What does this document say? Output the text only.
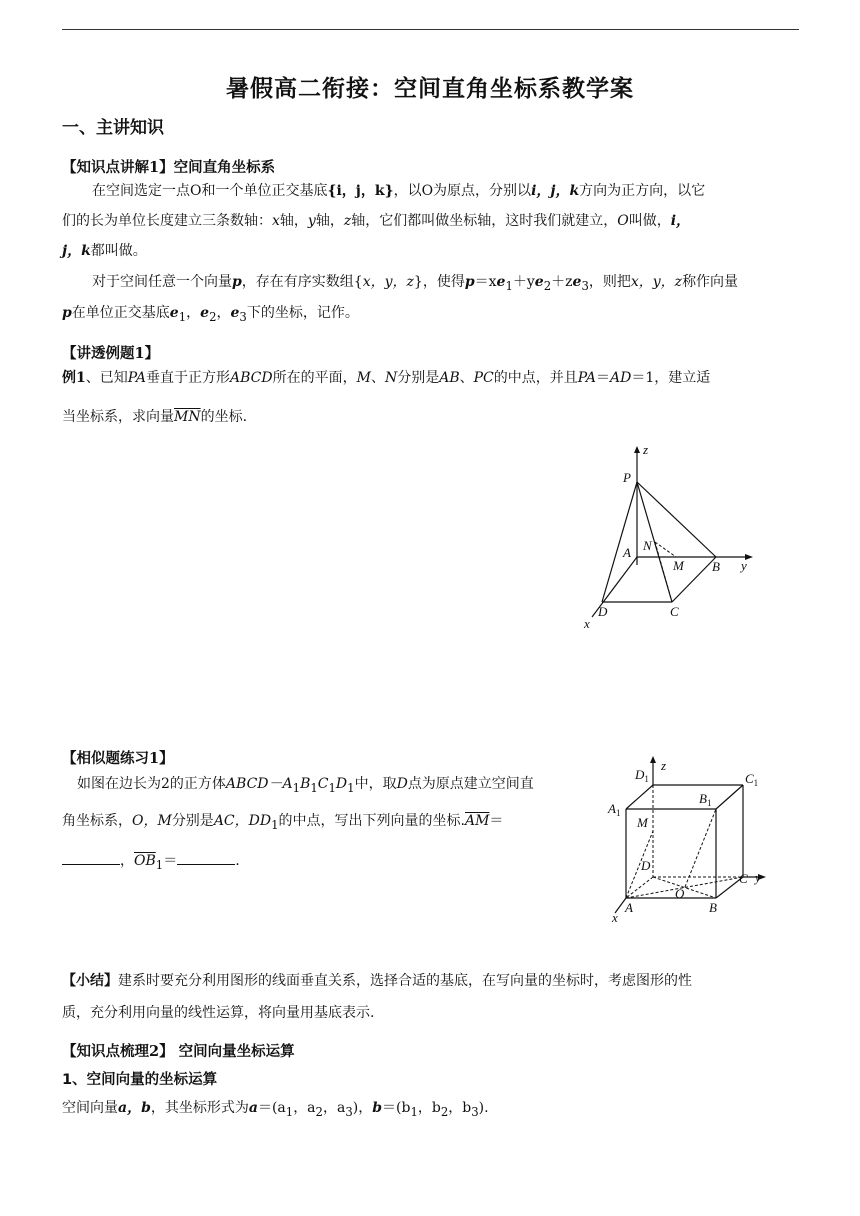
暑假高二衔接：空间直角坐标系教学案
一、主讲知识
【知识点讲解1】空间直角坐标系
在空间选定一点O和一个单位正交基底{i，j，k}，以O为原点，分别以i，j，k方向为正方向，以它
们的长为单位长度建立三条数轴：x轴，y轴，z轴，它们都叫做坐标轴，这时我们就建立，O叫做，i，
j，k都叫做。
对于空间任意一个向量p，存在有序实数组{x，y，z}，使得$p=xe_1+ye_2+ze_3$，则把x，y，z称作向量
p在单位正交基底$e_1$，$e_2$，$e_3$下的坐标，记作。
【讲透例题1】
例1、已知PA垂直于正方形ABCD所在的平面，M、N分别是AB、PC的中点，并且PA＝AD＝1，建立适
当坐标系，求向量$\overline{MN}$的坐标.
z
y
x
P
A N
M B
D	C
【相似题练习1】
如图在边长为2的正方体$ABCD-A_1B_1C_1D_1$中，取D点为原点建立空间直
角坐标系，O，M分别是AC，$DD_1$的中点，写出下列向量的坐标$.\overline{AM}=$
，$\overline{OB}_1=$	.
$D_1$
z
$C_1$
$A_1$
$B_1$
M
D
C y
O
A	B
x
【小结】建系时要充分利用图形的线面垂直关系，选择合适的基底，在写向量的坐标时，考虑图形的性
质，充分利用向量的线性运算，将向量用基底表示.
【知识点梳理2】 空间向量坐标运算
1、空间向量的坐标运算
空间向量a，b，其坐标形式为$a=(a_1$，$a_2$，$a_3$)，$b=(b_1$，$b_2$，$b_3$).
